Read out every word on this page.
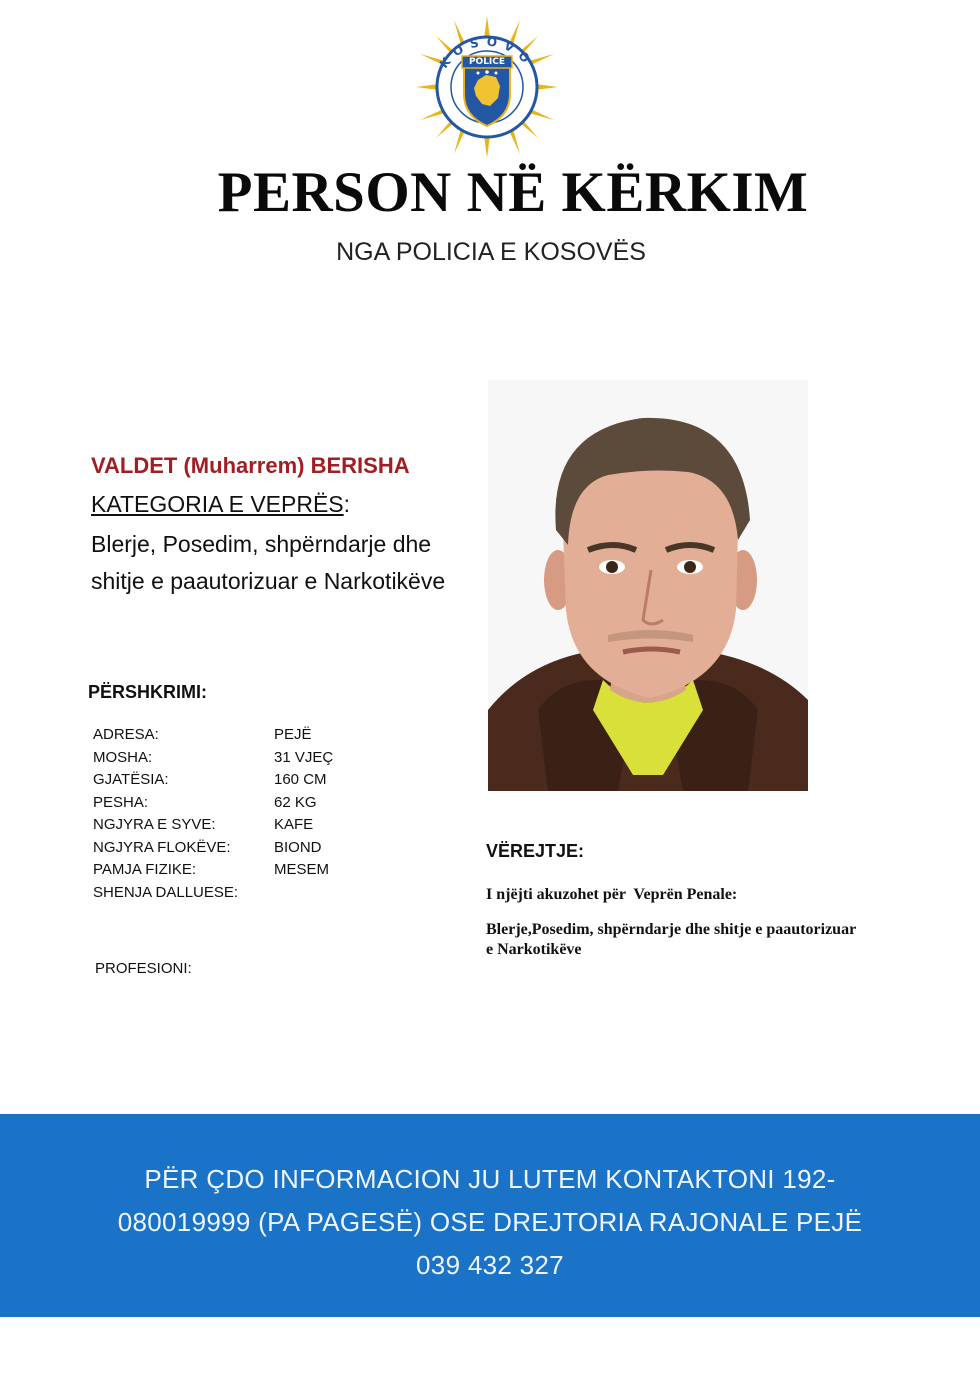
KOSOVO
POLICE
PERSON NË KËRKIM
NGA POLICIA E KOSOVËS
VALDET (Muharrem) BERISHA
KATEGORIA E VEPRËS:
Blerje, Posedim, shpërndarje dhe shitje e paautorizuar e Narkotikëve
PËRSHKRIMI:
ADRESA:	PEJË
MOSHA:	31 VJEÇ
GJATËSIA:	160 CM
PESHA:	62 KG
NGJYRA E SYVE:	KAFE
NGJYRA FLOKËVE:	BIOND
PAMJA FIZIKE:	MESEM
SHENJA DALLUESE:
PROFESIONI:
VËREJTJE:
I njëjti akuzohet për  Veprën Penale:
Blerje,Posedim, shpërndarje dhe shitje e paautorizuar e Narkotikëve
PËR ÇDO INFORMACION JU LUTEM KONTAKTONI 192-080019999 (PA PAGESË) OSE DREJTORIA RAJONALE PEJË 039 432 327
